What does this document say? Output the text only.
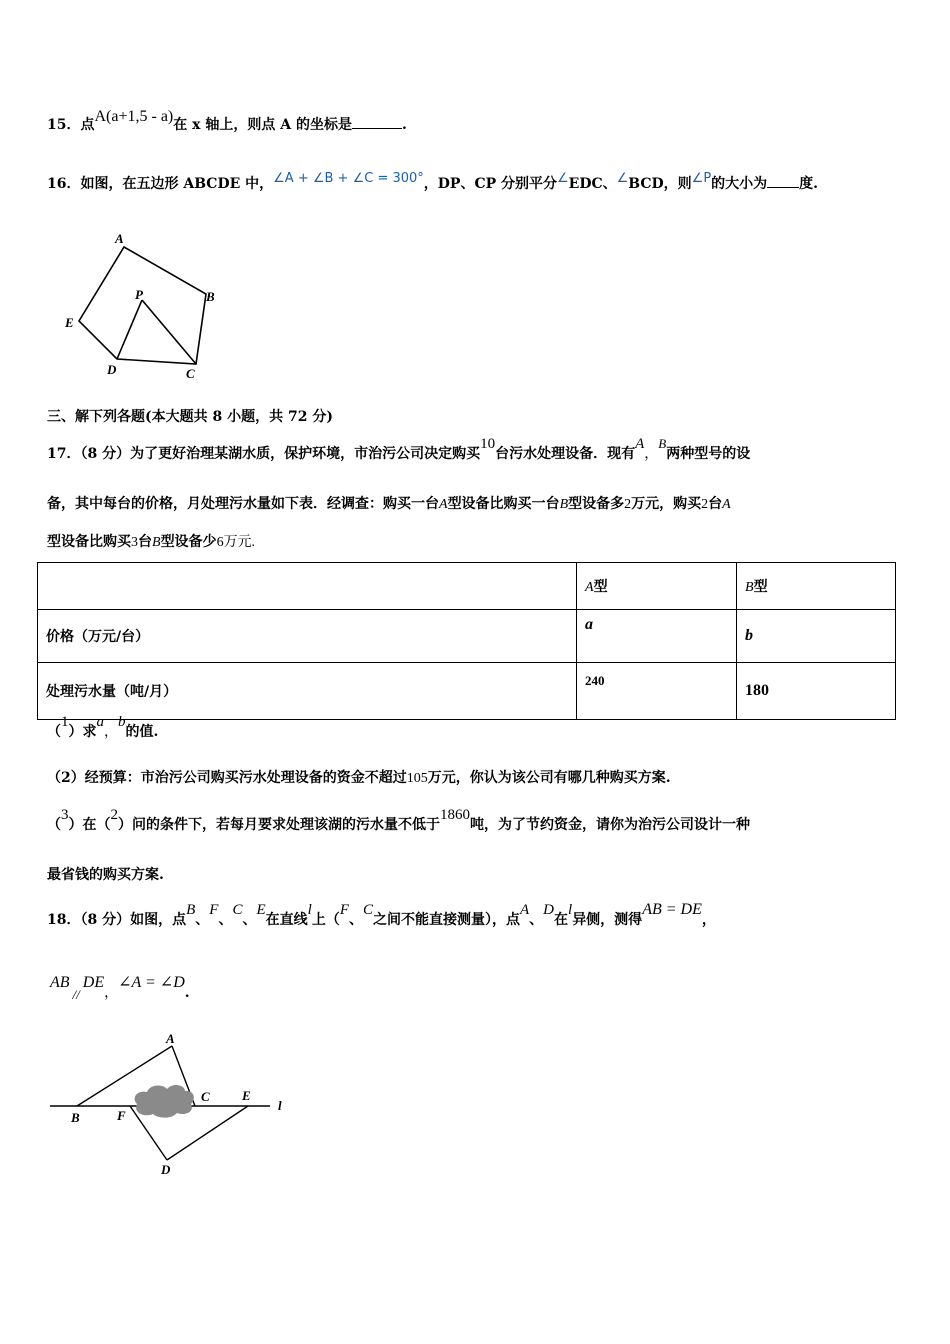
15．点A(a+1,5 - a)在 x 轴上，则点 A 的坐标是	.
16．如图，在五边形 ABCDE 中，∠A + ∠B + ∠C = 300°，DP、CP 分别平分∠EDC、∠BCD，则∠P的大小为 度.
A
B
C
D
E
P
三、解下列各题(本大题共 8 小题，共 72 分)
17．（8 分）为了更好治理某湖水质，保护环境，市治污公司决定购买10台污水处理设备．现有A，B两种型号的设
备，其中每台的价格，月处理污水量如下表．经调查：购买一台A型设备比购买一台B型设备多2万元，购买2台A
型设备比购买3台B型设备少6万元.
	A型	B型
价格（万元/台）	a	b
处理污水量（吨/月）	240	180
（1）求a，b的值.
（2）经预算：市治污公司购买污水处理设备的资金不超过105万元，你认为该公司有哪几种购买方案.
（3）在（2）问的条件下，若每月要求处理该湖的污水量不低于1860吨，为了节约资金，请你为治污公司设计一种
最省钱的购买方案.
18．（8 分）如图，点B、F、C、E在直线l上（F、C之间不能直接测量），点A、D在l异侧，测得AB = DE，
AB//DE，∠A = ∠D.
A
B	F
C E
l
D
